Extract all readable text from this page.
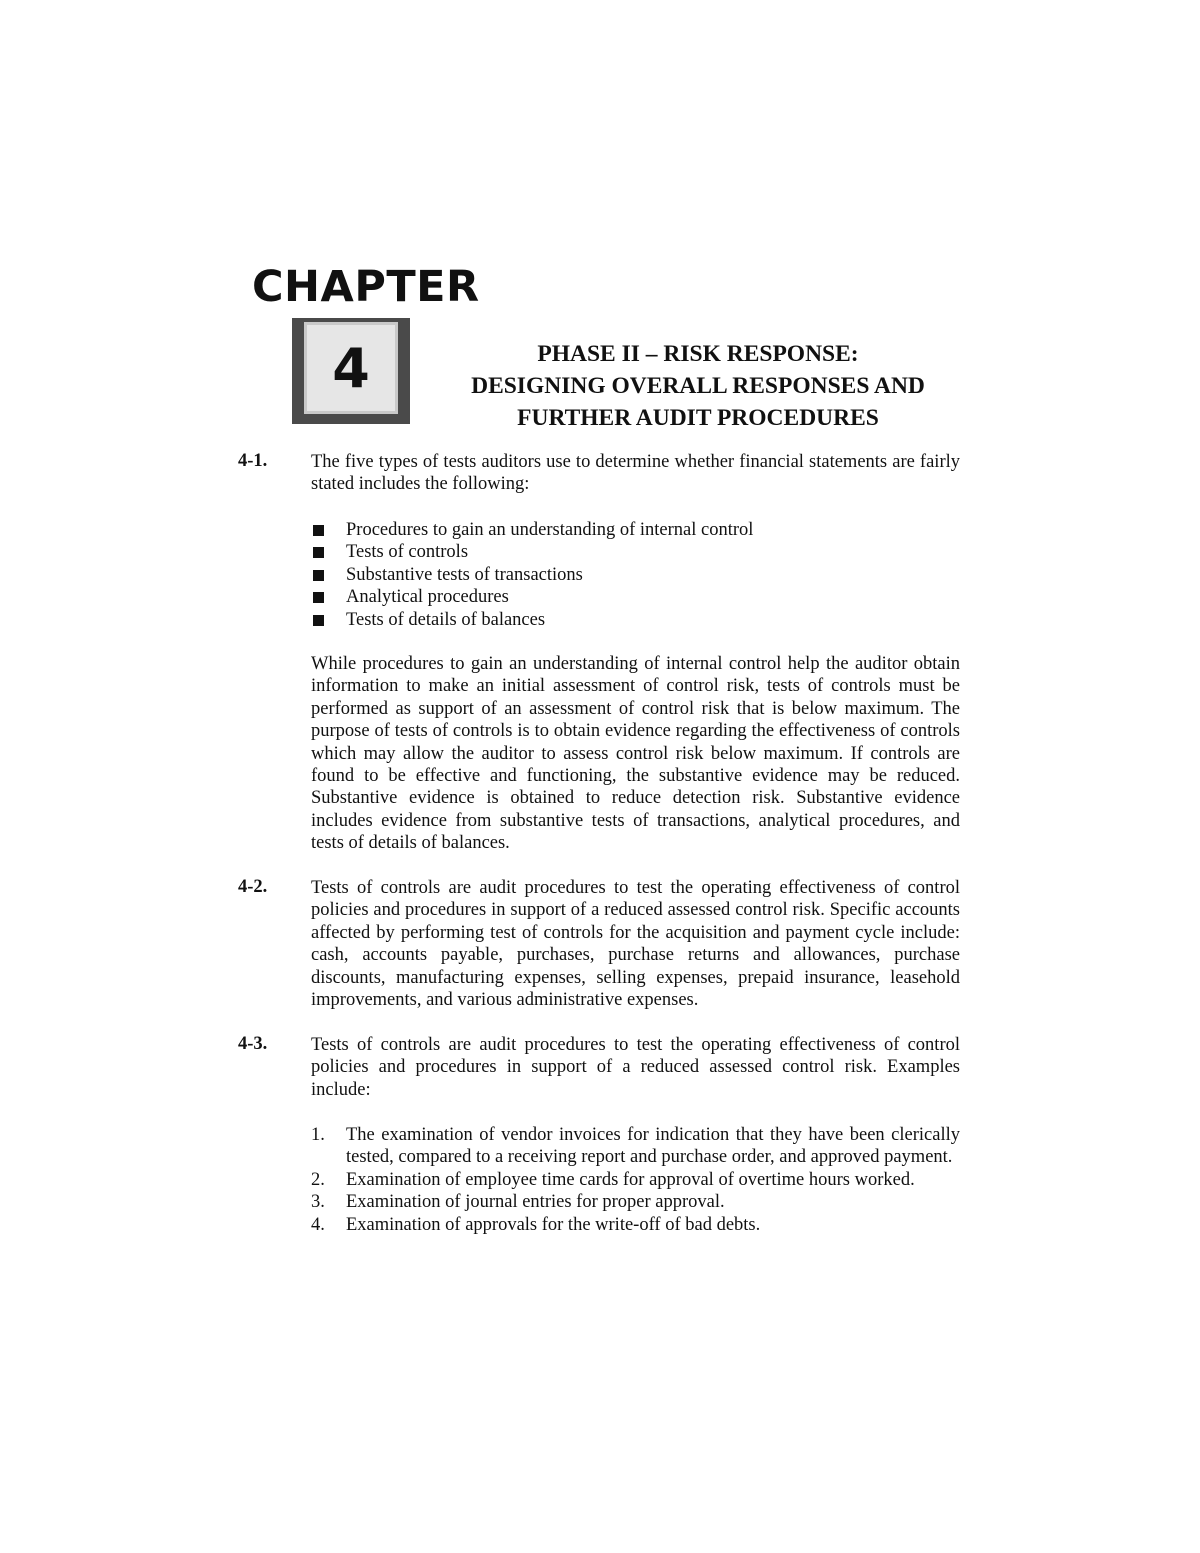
CHAPTER
4	PHASE II – RISK RESPONSE:
DESIGNING OVERALL RESPONSES AND
FURTHER AUDIT PROCEDURES
4-1. The five types of tests auditors use to determine whether financial statements are fairly stated includes the following:
Procedures to gain an understanding of internal control
Tests of controls
Substantive tests of transactions
Analytical procedures
Tests of details of balances
While procedures to gain an understanding of internal control help the auditor obtain information to make an initial assessment of control risk, tests of controls must be performed as support of an assessment of control risk that is below maximum. The purpose of tests of controls is to obtain evidence regarding the effectiveness of controls which may allow the auditor to assess control risk below maximum. If controls are found to be effective and functioning, the substantive evidence may be reduced. Substantive evidence is obtained to reduce detection risk. Substantive evidence includes evidence from substantive tests of transactions, analytical procedures, and tests of details of balances.
4-2. Tests of controls are audit procedures to test the operating effectiveness of control policies and procedures in support of a reduced assessed control risk. Specific accounts affected by performing test of controls for the acquisition and payment cycle include: cash, accounts payable, purchases, purchase returns and allowances, purchase discounts, manufacturing expenses, selling expenses, prepaid insurance, leasehold improvements, and various administrative expenses.
4-3. Tests of controls are audit procedures to test the operating effectiveness of control policies and procedures in support of a reduced assessed control risk. Examples include:
1. The examination of vendor invoices for indication that they have been clerically tested, compared to a receiving report and purchase order, and approved payment.
2. Examination of employee time cards for approval of overtime hours worked.
3. Examination of journal entries for proper approval.
4. Examination of approvals for the write-off of bad debts.
